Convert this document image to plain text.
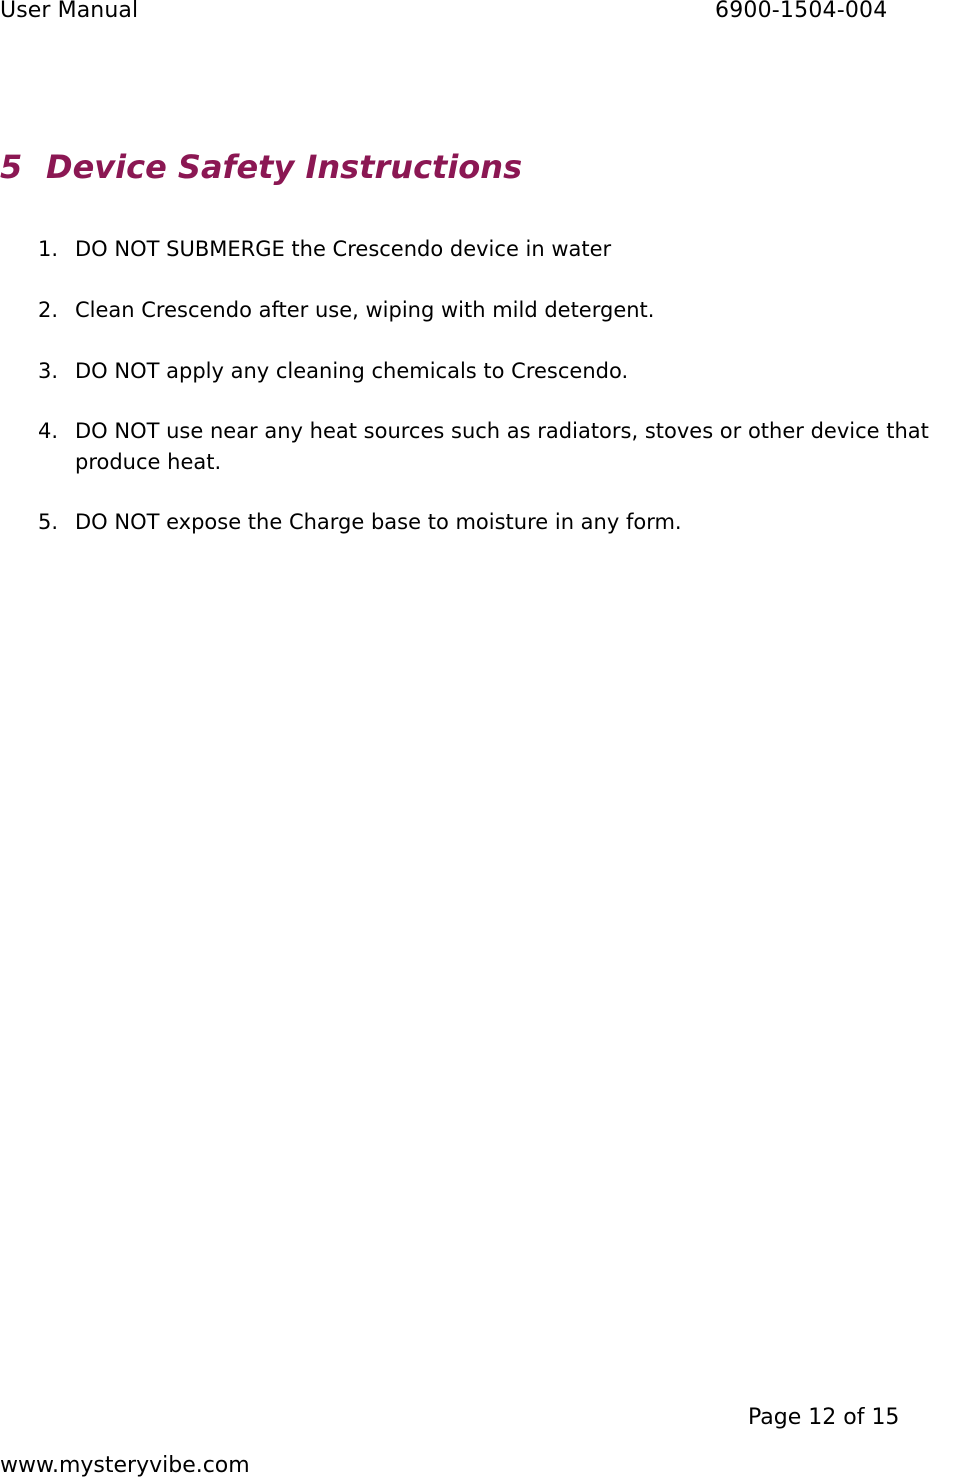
User Manual	6900-1504-004
5 Device Safety Instructions
1. DO NOT SUBMERGE the Crescendo device in water
2. Clean Crescendo after use, wiping with mild detergent.
3. DO NOT apply any cleaning chemicals to Crescendo.
4. DO NOT use near any heat sources such as radiators, stoves or other device that produce heat.
5. DO NOT expose the Charge base to moisture in any form.
Page 12 of 15
www.mysteryvibe.com
